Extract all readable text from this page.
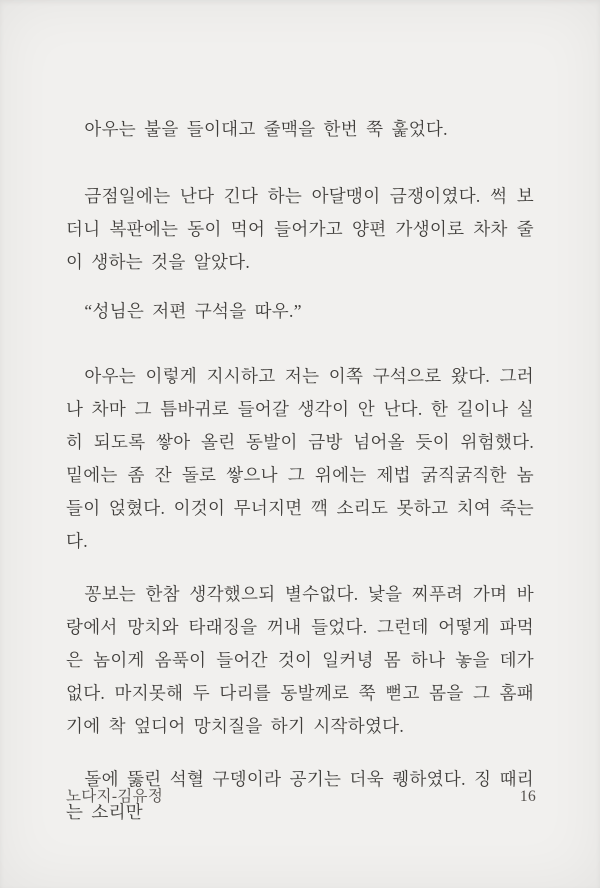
아우는 불을 들이대고 줄맥을 한번 쭉 훑었다.

금점일에는 난다 긴다 하는 아달맹이 금쟁이였다. 썩 보더니 복판에는 동이 먹어 들어가고 양편 가생이로 차차 줄이 생하는 것을 알았다.

“성님은 저편 구석을 따우.”

아우는 이렇게 지시하고 저는 이쪽 구석으로 왔다. 그러나 차마 그 틈바귀로 들어갈 생각이 안 난다. 한 길이나 실히 되도록 쌓아 올린 동발이 금방 넘어올 듯이 위험했다. 밑에는 좀 잔 돌로 쌓으나 그 위에는 제법 굵직굵직한 놈들이 얹혔다. 이것이 무너지면 깩 소리도 못하고 치여 죽는다.

꽁보는 한참 생각했으되 별수없다. 낯을 찌푸려 가며 바랑에서 망치와 타래징을 꺼내 들었다. 그런데 어떻게 파먹은 놈이게 옴푹이 들어간 것이 일커녕 몸 하나 놓을 데가 없다. 마지못해 두 다리를 동발께로 쭉 뻗고 몸을 그 홈패기에 착 엎디어 망치질을 하기 시작하였다.

돌에 뚫린 석혈 구뎅이라 공기는 더욱 퀭하였다. 징 때리는 소리만

노다지-김유정	16
